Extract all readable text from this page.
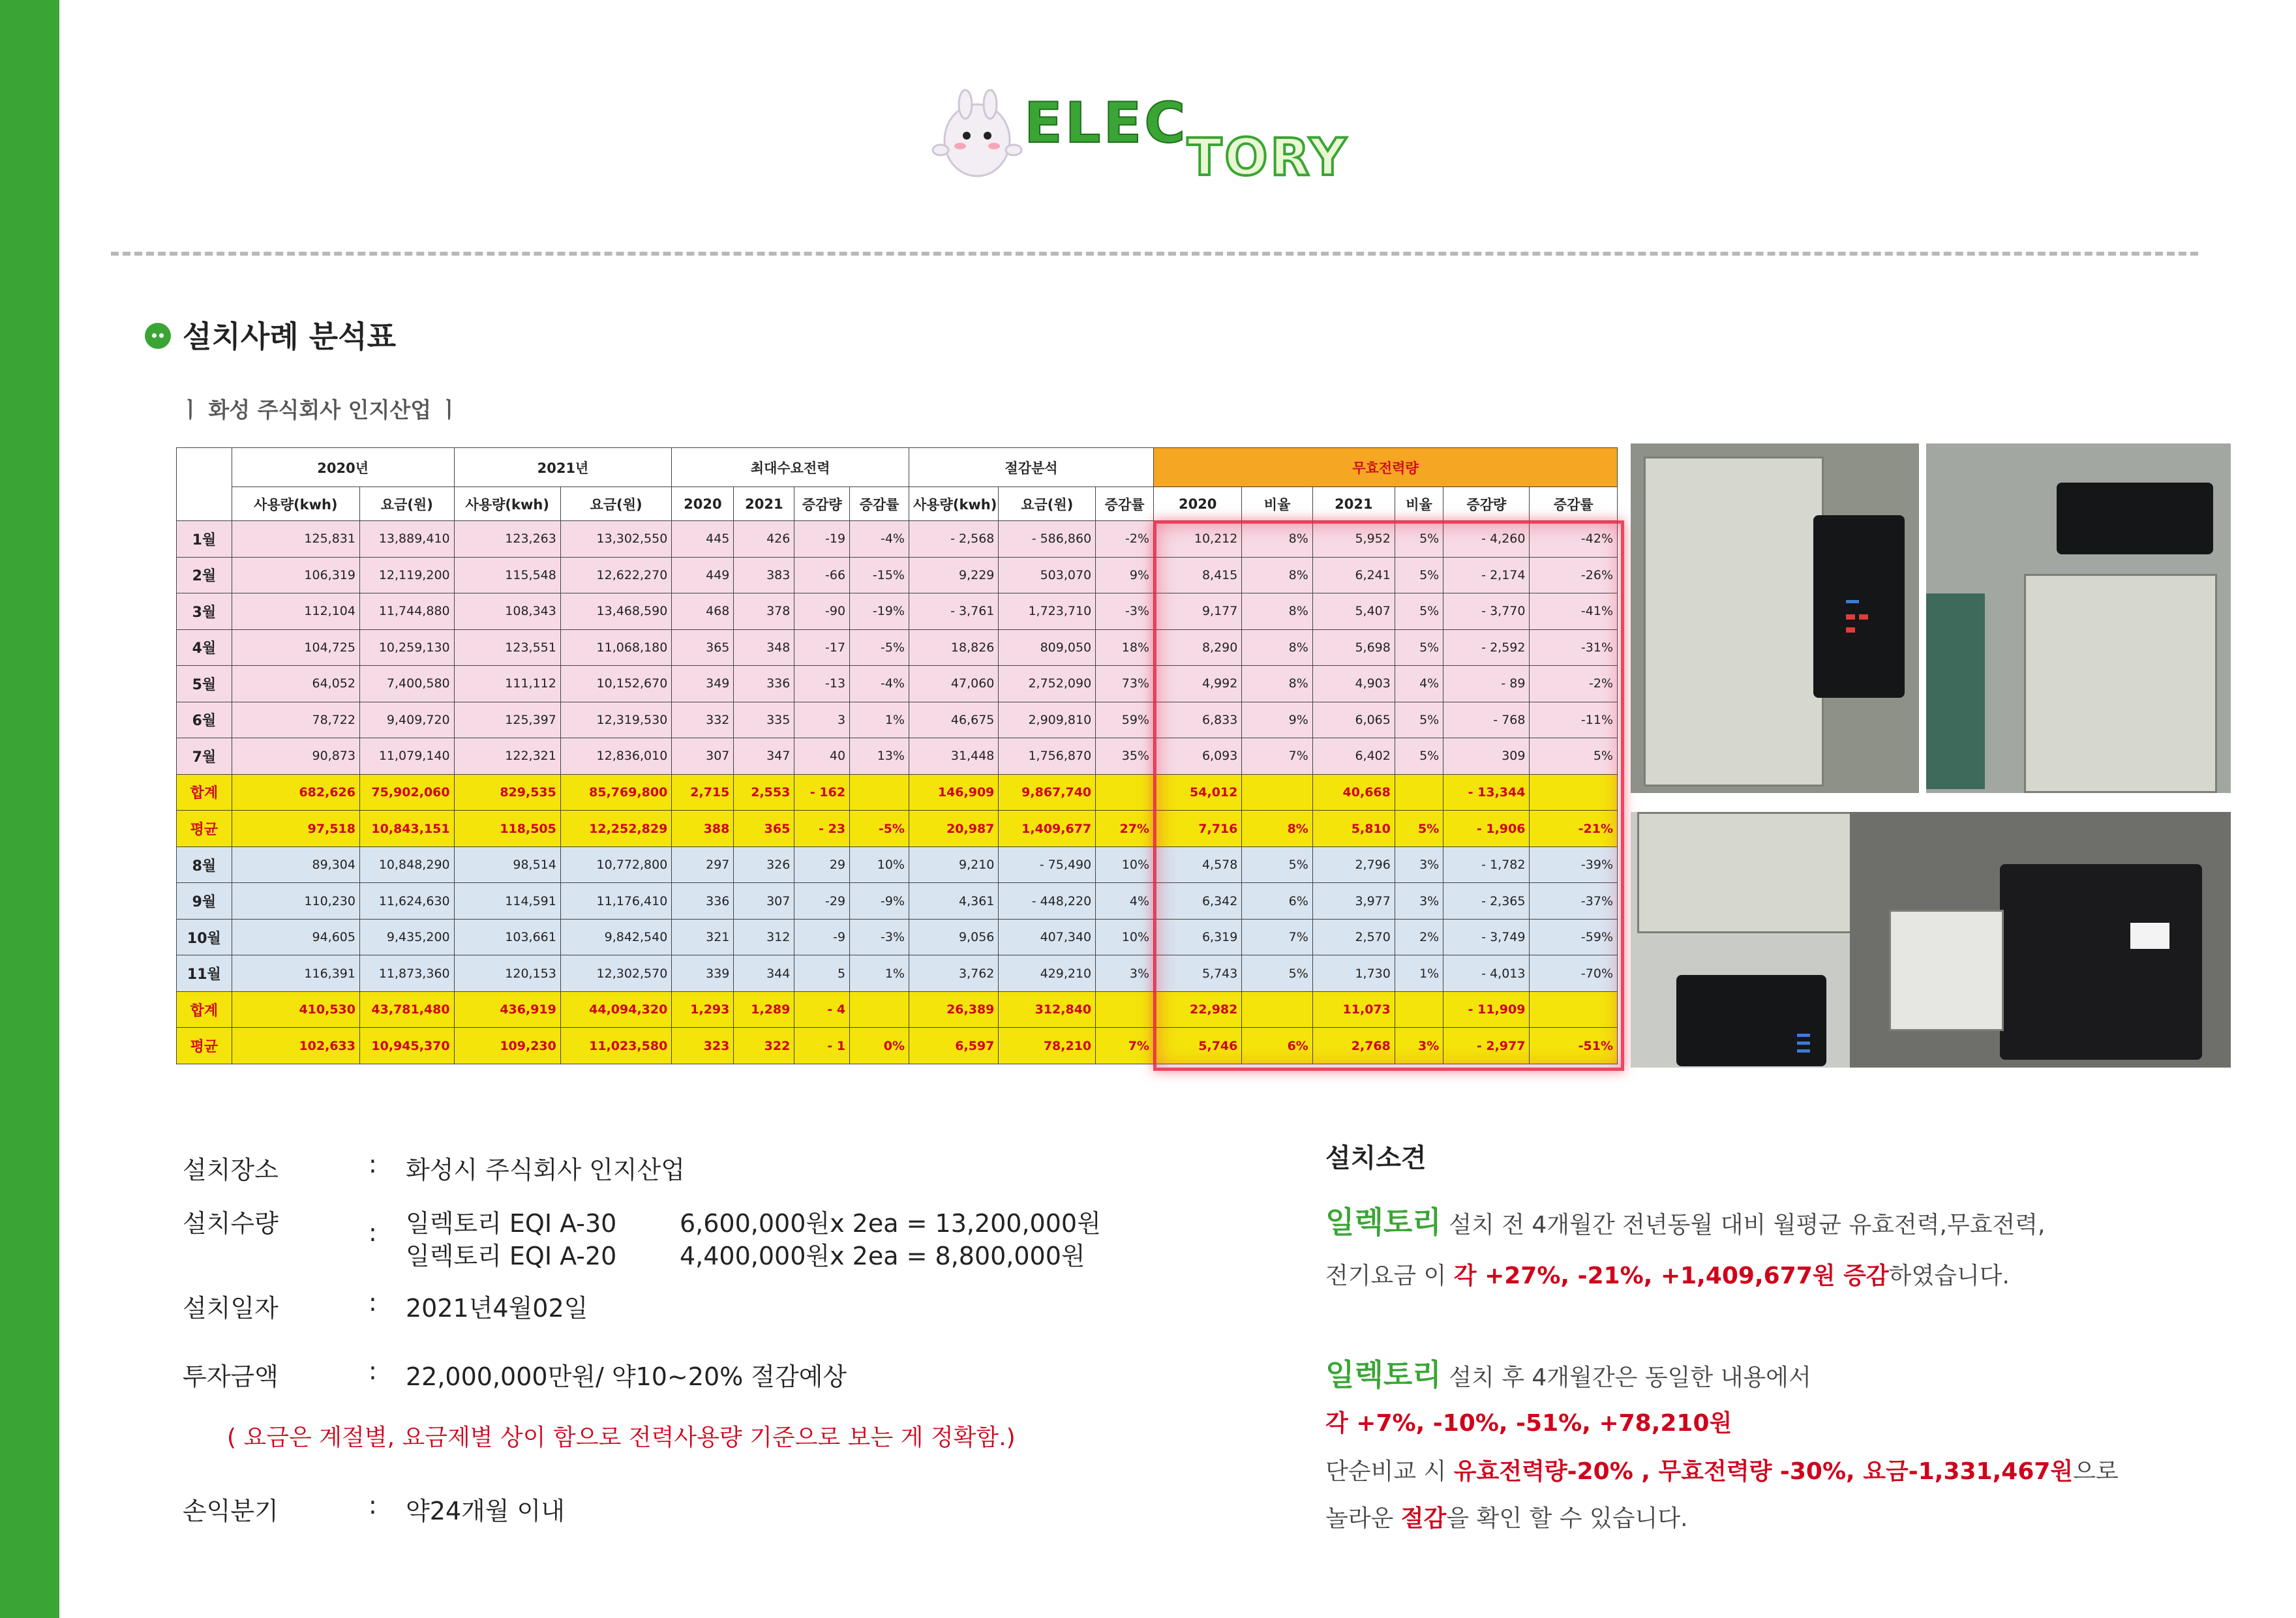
ELEC
TORY
설치사례 분석표
ㅣ 화성 주식회사 인지산업 ㅣ
	2020년		2021년		최대수요전력				절감분석			무효전력량					
	사용량(kwh)	요금(원)	사용량(kwh)	요금(원)	2020	2021	증감량	증감률	사용량(kwh)	요금(원)	증감률	2020	비율	2021	비율	증감량	증감률
1월	125,831	13,889,410	123,263	13,302,550	445	426	-19	-4%	- 2,568	- 586,860	-2%	10,212	8%	5,952	5%	- 4,260	-42%
2월	106,319	12,119,200	115,548	12,622,270	449	383	-66	-15%	9,229	503,070	9%	8,415	8%	6,241	5%	- 2,174	-26%
3월	112,104	11,744,880	108,343	13,468,590	468	378	-90	-19%	- 3,761	1,723,710	-3%	9,177	8%	5,407	5%	- 3,770	-41%
4월	104,725	10,259,130	123,551	11,068,180	365	348	-17	-5%	18,826	809,050	18%	8,290	8%	5,698	5%	- 2,592	-31%
5월	64,052	7,400,580	111,112	10,152,670	349	336	-13	-4%	47,060	2,752,090	73%	4,992	8%	4,903	4%	- 89	-2%
6월	78,722	9,409,720	125,397	12,319,530	332	335	3	1%	46,675	2,909,810	59%	6,833	9%	6,065	5%	- 768	-11%
7월	90,873	11,079,140	122,321	12,836,010	307	347	40	13%	31,448	1,756,870	35%	6,093	7%	6,402	5%	309	5%
합계	682,626	75,902,060	829,535	85,769,800	2,715	2,553	- 162		146,909	9,867,740		54,012		40,668		- 13,344	
평균	97,518	10,843,151	118,505	12,252,829	388	365	- 23	-5%	20,987	1,409,677	27%	7,716	8%	5,810	5%	- 1,906	-21%
8월	89,304	10,848,290	98,514	10,772,800	297	326	29	10%	9,210	- 75,490	10%	4,578	5%	2,796	3%	- 1,782	-39%
9월	110,230	11,624,630	114,591	11,176,410	336	307	-29	-9%	4,361	- 448,220	4%	6,342	6%	3,977	3%	- 2,365	-37%
10월	94,605	9,435,200	103,661	9,842,540	321	312	-9	-3%	9,056	407,340	10%	6,319	7%	2,570	2%	- 3,749	-59%
11월	116,391	11,873,360	120,153	12,302,570	339	344	5	1%	3,762	429,210	3%	5,743	5%	1,730	1%	- 4,013	-70%
합계	410,530	43,781,480	436,919	44,094,320	1,293	1,289	- 4		26,389	312,840		22,982		11,073		- 11,909	
평균	102,633	10,945,370	109,230	11,023,580	323	322	- 1	0%	6,597	78,210	7%	5,746	6%	2,768	3%	- 2,977	-51%
설치장소	: 화성시 주식회사 인지산업
설치수량	: 일렉토리 EQI A-30	6,600,000원x 2ea = 13,200,000원
일렉토리 EQI A-20	4,400,000원x 2ea = 8,800,000원
설치일자	: 2021년4월02일
투자금액	: 22,000,000만원/ 약10~20% 절감예상
( 요금은 계절별, 요금제별 상이 함으로 전력사용량 기준으로 보는 게 정확함.)
손익분기	: 약24개월 이내
설치소견
일렉토리 설치 전 4개월간 전년동월 대비 월평균 유효전력,무효전력,
전기요금 이 각 +27%, -21%, +1,409,677원 증감하였습니다.
일렉토리 설치 후 4개월간은 동일한 내용에서
각 +7%, -10%, -51%, +78,210원
단순비교 시 유효전력량-20% , 무효전력량 -30%, 요금-1,331,467원으로
놀라운 절감을 확인 할 수 있습니다.
